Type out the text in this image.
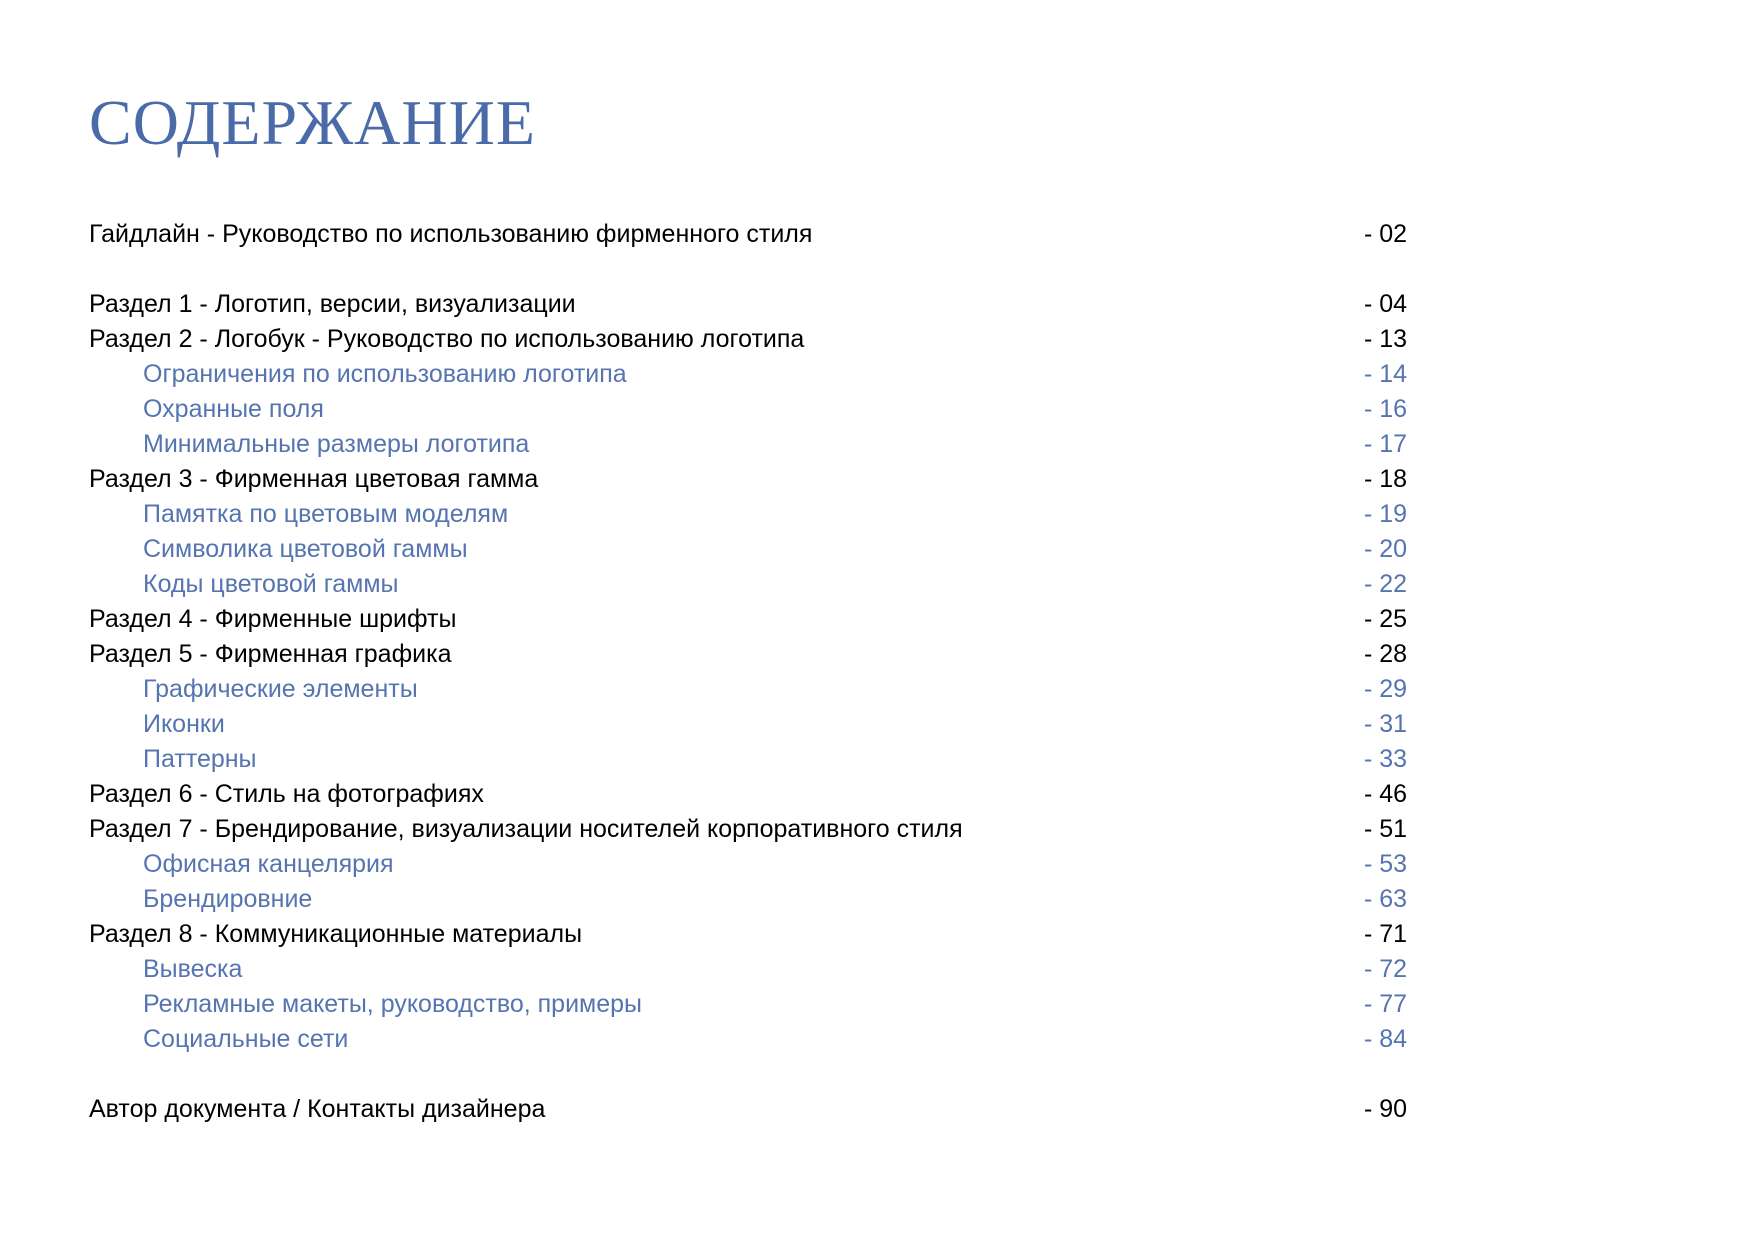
СОДЕРЖАНИЕ
Гайдлайн - Руководство по использованию фирменного стиля	- 02
Раздел 1 - Логотип, версии, визуализации	- 04
Раздел 2 - Логобук - Руководство по использованию логотипа	- 13
Ограничения по использованию логотипа	- 14
Охранные поля	- 16
Минимальные размеры логотипа	- 17
Раздел 3 - Фирменная цветовая гамма	- 18
Памятка по цветовым моделям	- 19
Символика цветовой гаммы	- 20
Коды цветовой гаммы	- 22
Раздел 4 - Фирменные шрифты	- 25
Раздел 5 - Фирменная графика	- 28
Графические элементы	- 29
Иконки	- 31
Паттерны	- 33
Раздел 6 - Стиль на фотографиях	- 46
Раздел 7 - Брендирование, визуализации носителей корпоративного стиля	- 51
Офисная канцелярия	- 53
Брендировние	- 63
Раздел 8 - Коммуникационные материалы	- 71
Вывеска	- 72
Рекламные макеты, руководство, примеры	- 77
Социальные сети	- 84
Автор документа / Контакты дизайнера	- 90
